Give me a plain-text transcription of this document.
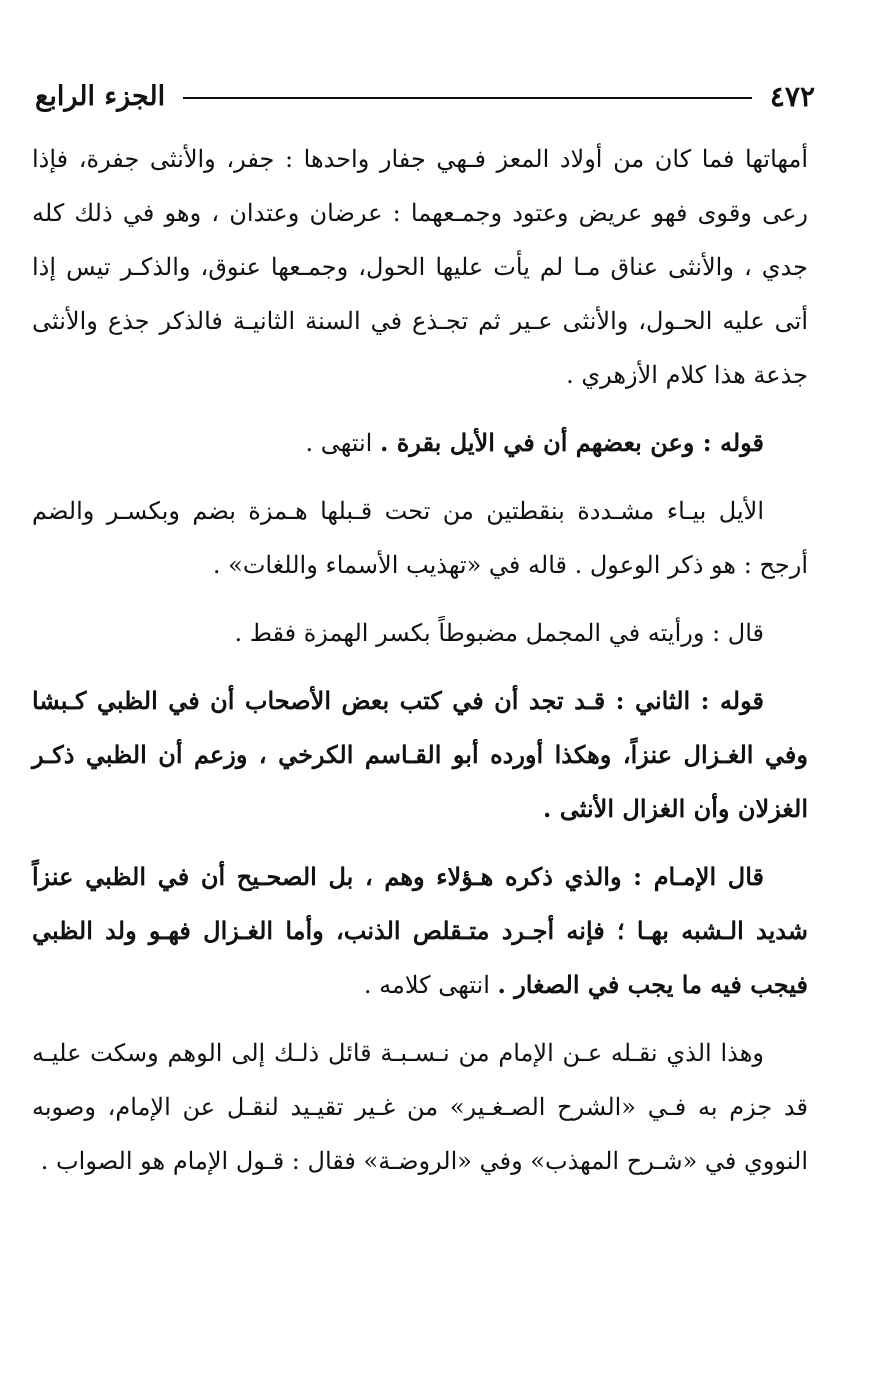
٤٧٢
الجزء الرابع

أمهاتها فما كان من أولاد المعز فـهي جفار واحدها : جفر، والأنثى جفرة، فإذا رعى وقوى فهو عريض وعتود وجمـعهما : عرضان وعتدان ، وهو في ذلك كله جدي ، والأنثى عناق مـا لم يأت عليها الحول، وجمـعها عنوق، والذكـر تيس إذا أتى عليه الحـول، والأنثى عـير ثم تجـذع في السنة الثانيـة فالذكر جذع والأنثى جذعة هذا كلام الأزهري .

قوله : وعن بعضهم أن في الأيل بقرة . انتهى .

الأيل بيـاء مشـددة بنقطتين من تحت قـبلها هـمزة بضم وبكسـر والضم أرجح : هو ذكر الوعول . قاله في «تهذيب الأسماء واللغات» .

قال : ورأيته في المجمل مضبوطاً بكسر الهمزة فقط .

قوله : الثاني : قـد تجد أن في كتب بعض الأصحاب أن في الظبي كـبشا وفي الغـزال عنزاً، وهكذا أورده أبو القـاسم الكرخي ، وزعم أن الظبي ذكـر الغزلان وأن الغزال الأنثى .

قال الإمـام : والذي ذكره هـؤلاء وهم ، بل الصحـيح أن في الظبي عنزاً شديد الـشبه بهـا ؛ فإنه أجـرد متـقلص الذنب، وأما الغـزال فهـو ولد الظبي فيجب فيه ما يجب في الصغار . انتهى كلامه .

وهذا الذي نقـله عـن الإمام من نـسـبـة قائل ذلـك إلى الوهم وسكت عليـه قد جزم به فـي «الشرح الصـغـير» من غـير تقيـيد لنقـل عن الإمام، وصوبه النووي في «شـرح المهذب» وفي «الروضـة» فقال : قـول الإمام هو الصواب .
